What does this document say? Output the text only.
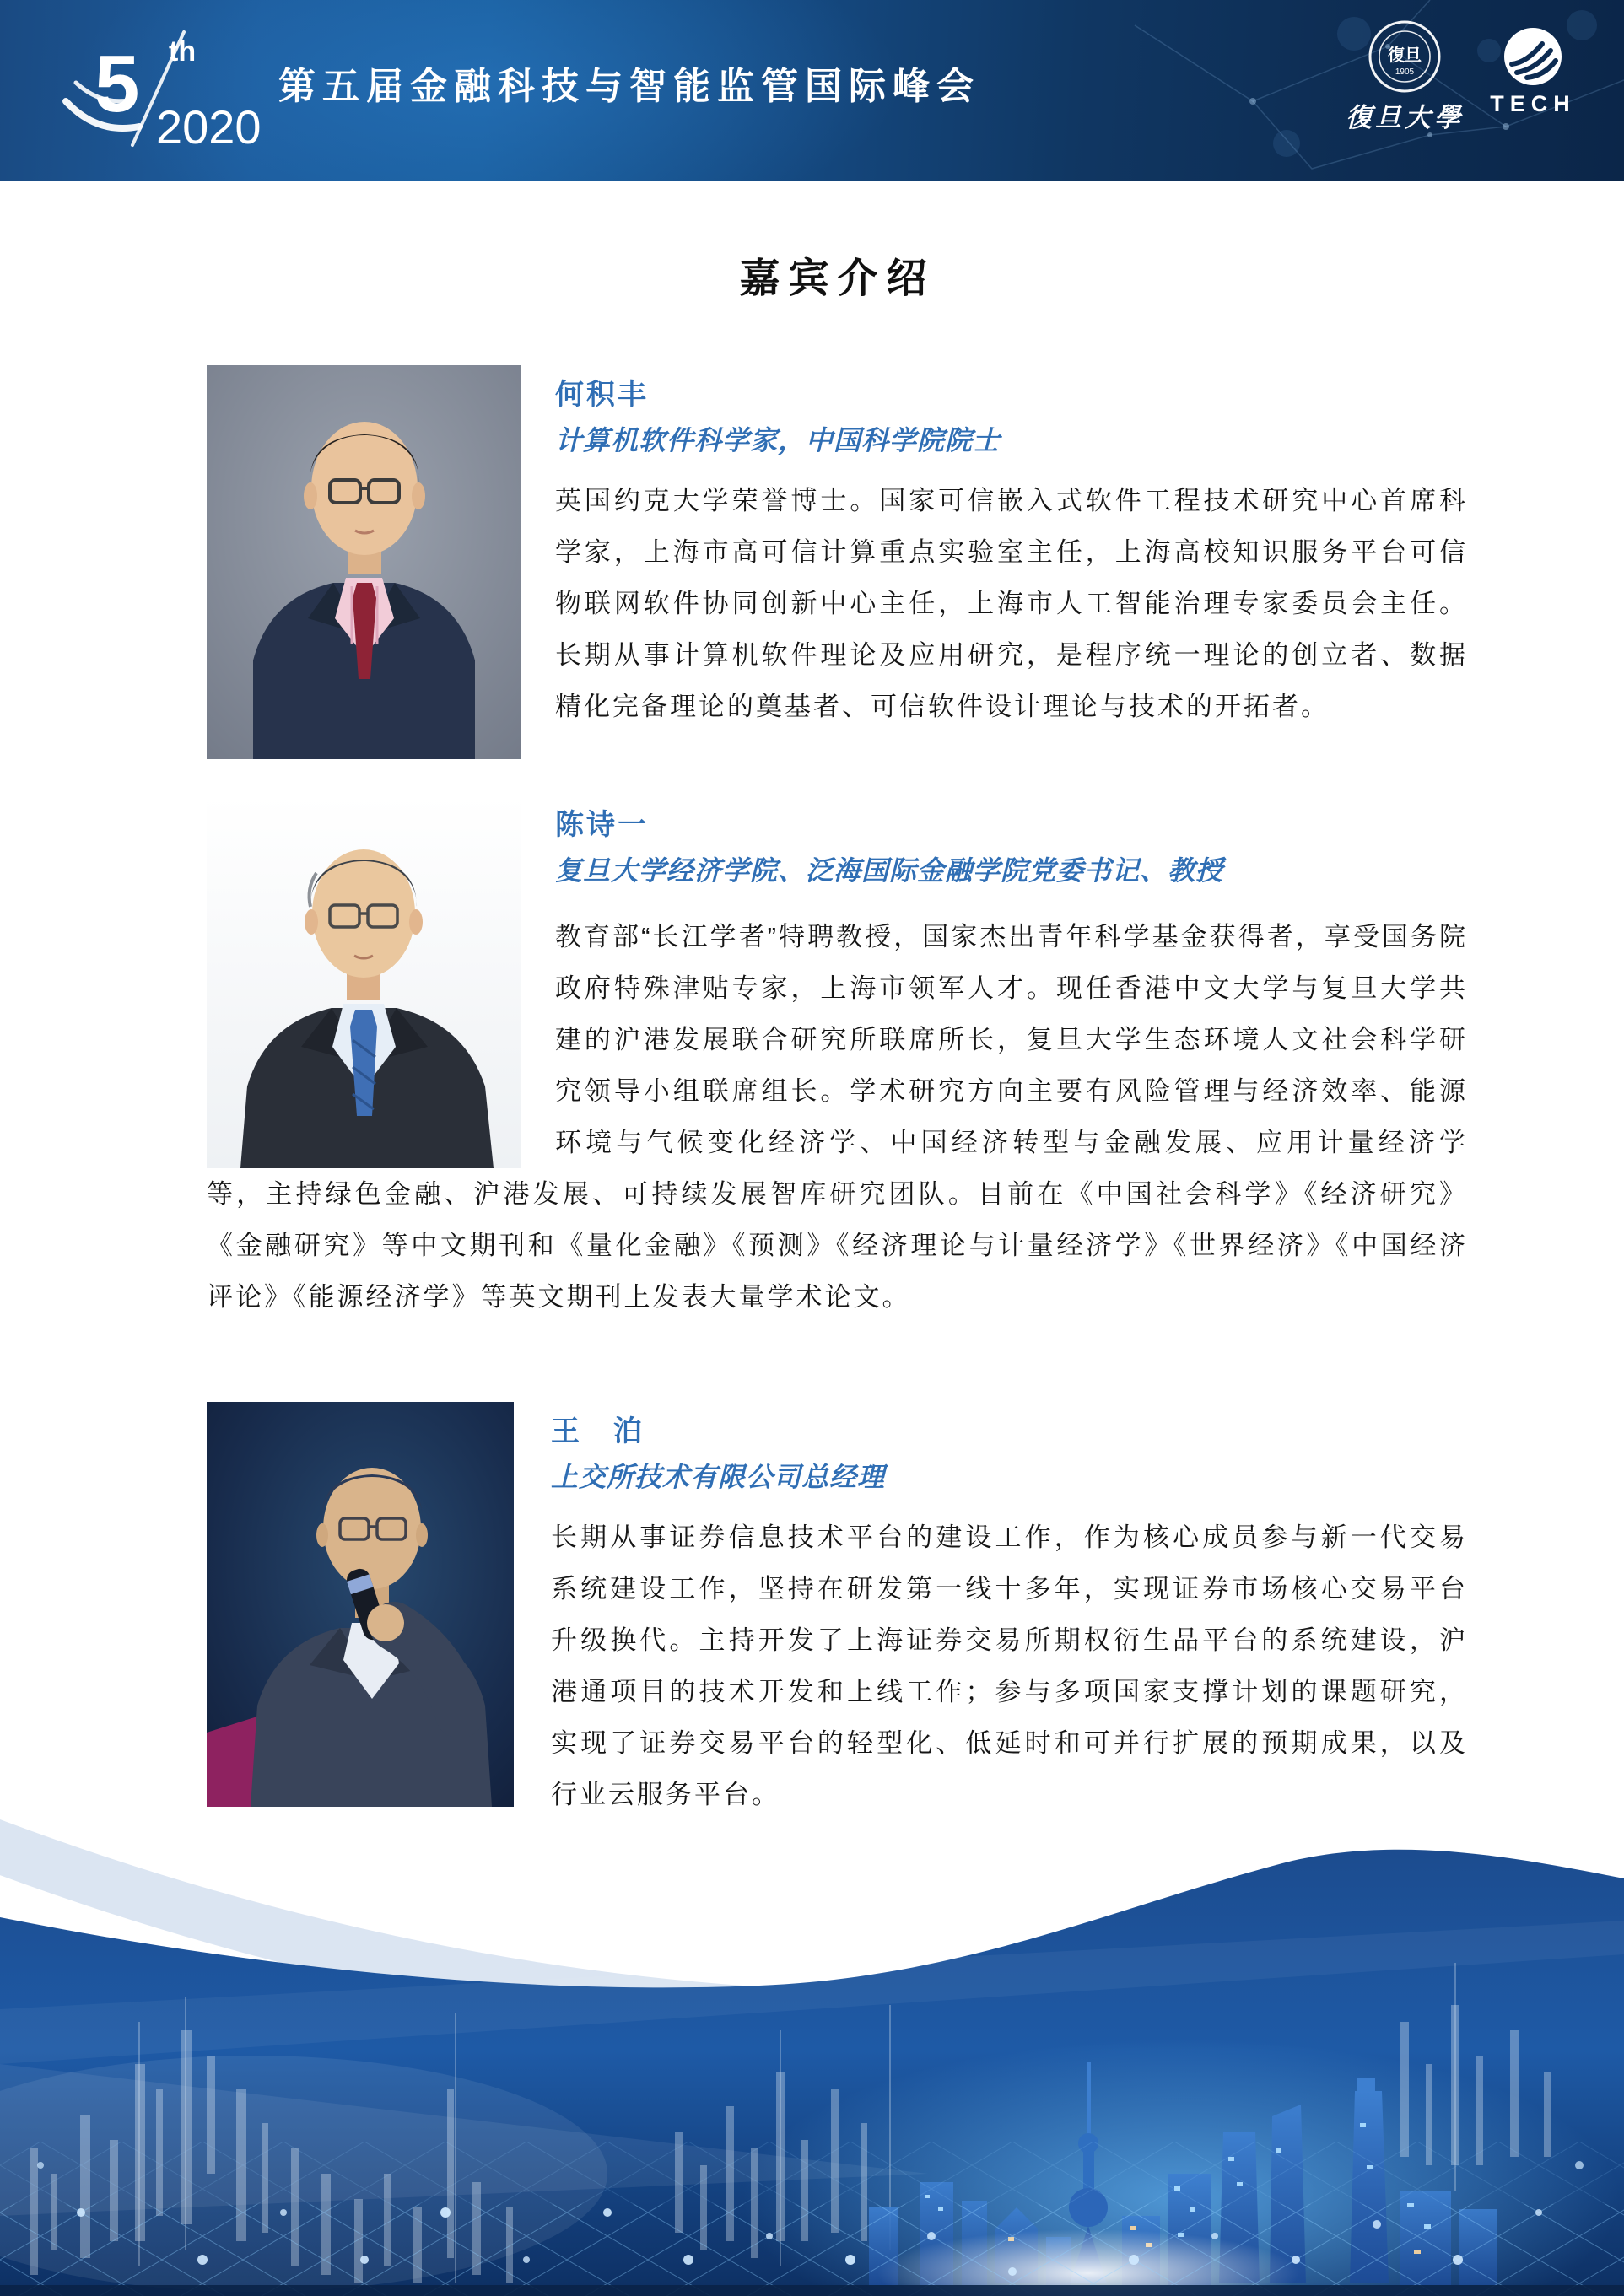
5 th
2020
第五届金融科技与智能监管国际峰会
復旦
1905
復旦大學	TECH
嘉宾介绍
何积丰
计算机软件科学家，中国科学院院士

英国约克大学荣誉博士。国家可信嵌入式软件工程技术研究中心首席科学家，上海市高可信计算重点实验室主任，上海高校知识服务平台可信物联网软件协同创新中心主任，上海市人工智能治理专家委员会主任。长期从事计算机软件理论及应用研究，是程序统一理论的创立者、数据精化完备理论的奠基者、可信软件设计理论与技术的开拓者。

陈诗一
复旦大学经济学院、泛海国际金融学院党委书记、教授

教育部“长江学者”特聘教授，国家杰出青年科学基金获得者，享受国务院政府特殊津贴专家，上海市领军人才。现任香港中文大学与复旦大学共建的沪港发展联合研究所联席所长，复旦大学生态环境人文社会科学研究领导小组联席组长。学术研究方向主要有风险管理与经济效率、能源环境与气候变化经济学、中国经济转型与金融发展、应用计量经济学等，主持绿色金融、沪港发展、可持续发展智库研究团队。目前在《中国社会科学》《经济研究》《金融研究》等中文期刊和《量化金融》《预测》《经济理论与计量经济学》《世界经济》《中国经济评论》《能源经济学》等英文期刊上发表大量学术论文。

王　泊
上交所技术有限公司总经理

长期从事证券信息技术平台的建设工作，作为核心成员参与新一代交易系统建设工作，坚持在研发第一线十多年，实现证券市场核心交易平台升级换代。主持开发了上海证券交易所期权衍生品平台的系统建设，沪港通项目的技术开发和上线工作；参与多项国家支撑计划的课题研究，实现了证券交易平台的轻型化、低延时和可并行扩展的预期成果，以及行业云服务平台。
